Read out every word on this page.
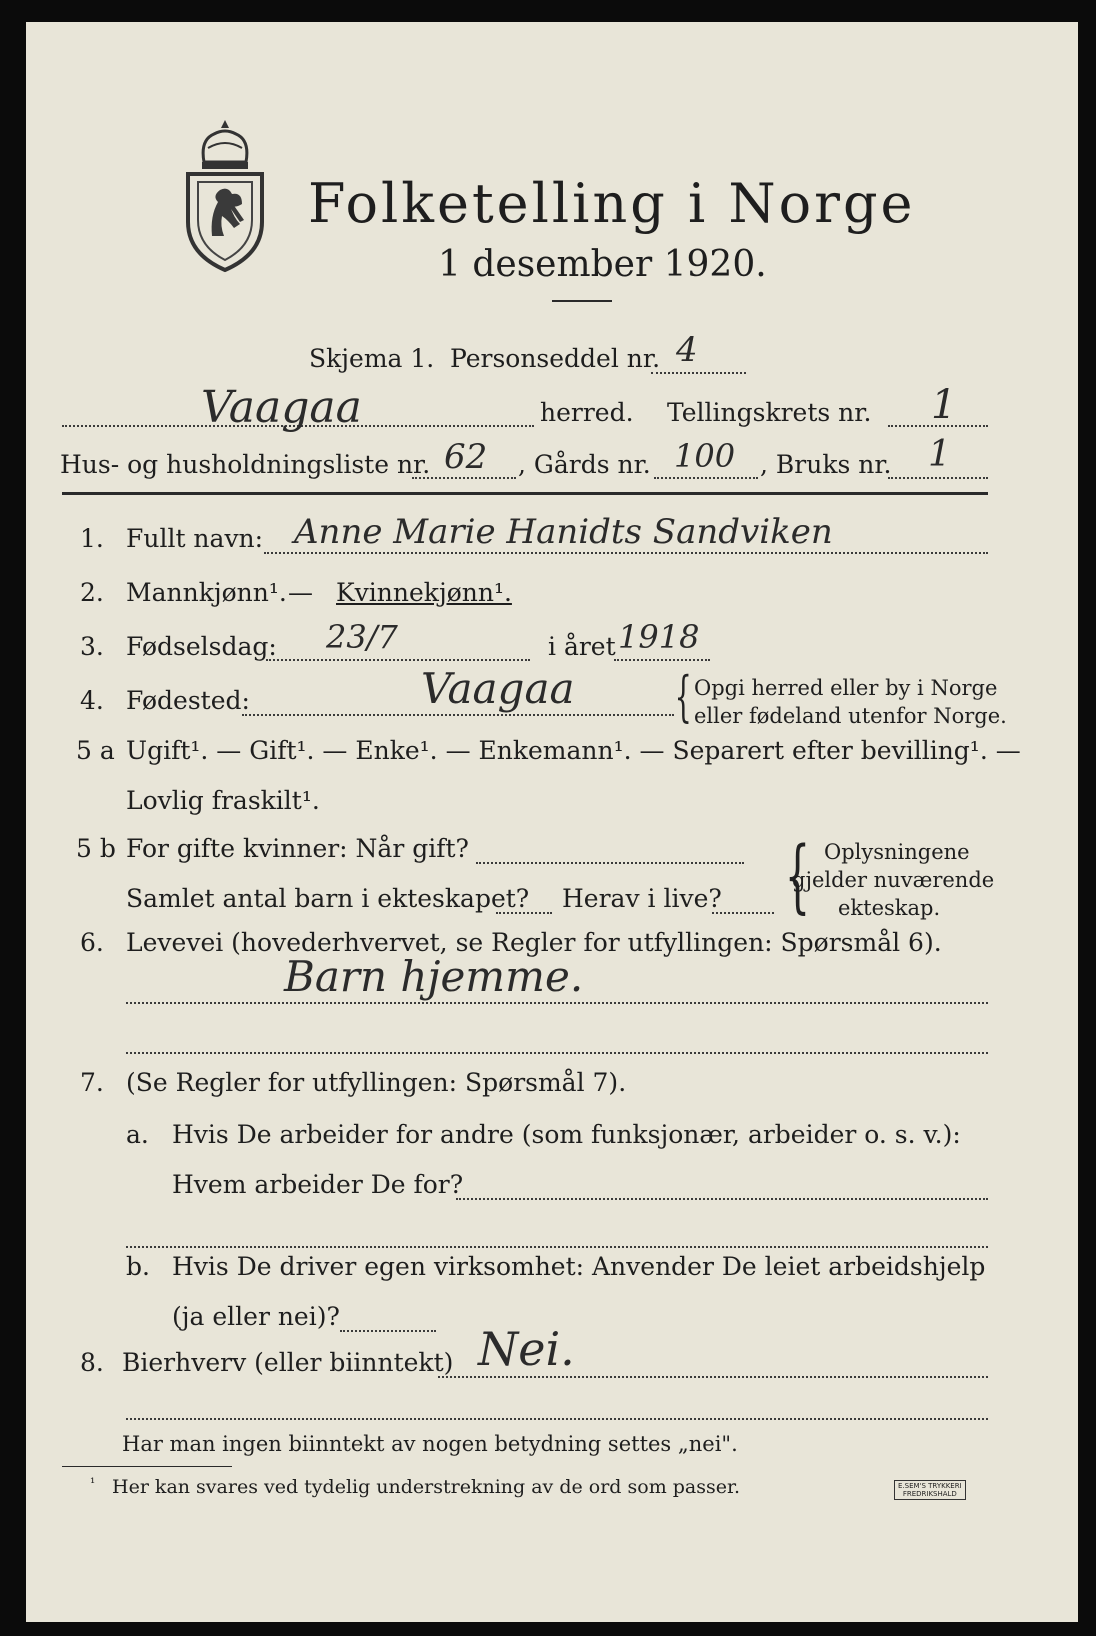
Folketelling i Norge
1 desember 1920.
Skjema 1. Personseddel nr. 4
Vaagaa	herred. Tellingskrets nr. 1
Hus- og husholdningsliste nr. 62 , Gårds nr. 100 , Bruks nr. 1
1. Fullt navn: Anne Marie Hanidts Sandviken
2. Mannkjønn¹. — Kvinnekjønn¹.
3. Fødselsdag: 23/7	i året 1918
4. Fødested:	Vaagaa { Opgi herred eller by i Norge
eller fødeland utenfor Norge.
5 a Ugift¹. — Gift¹. — Enke¹. — Enkemann¹. — Separert efter bevilling¹. —
Lovlig fraskilt¹.
5 b For gifte kvinner: Når gift?
Samlet antal barn i ekteskapet? Herav i live? { Oplysningene
gjelder nuværende
ekteskap.
6. Levevei (hovederhvervet, se Regler for utfyllingen: Spørsmål 6).
Barn hjemme.
7. (Se Regler for utfyllingen: Spørsmål 7).
a. Hvis De arbeider for andre (som funksjonær, arbeider o. s. v.):
Hvem arbeider De for?
b. Hvis De driver egen virksomhet: Anvender De leiet arbeidshjelp
(ja eller nei)?
8. Bierhverv (eller biinntekt) Nei.
Har man ingen biinntekt av nogen betydning settes „nei".
¹ Her kan svares ved tydelig understrekning av de ord som passer.	E.SEM'S TRYKKERI
FREDRIKSHALD
